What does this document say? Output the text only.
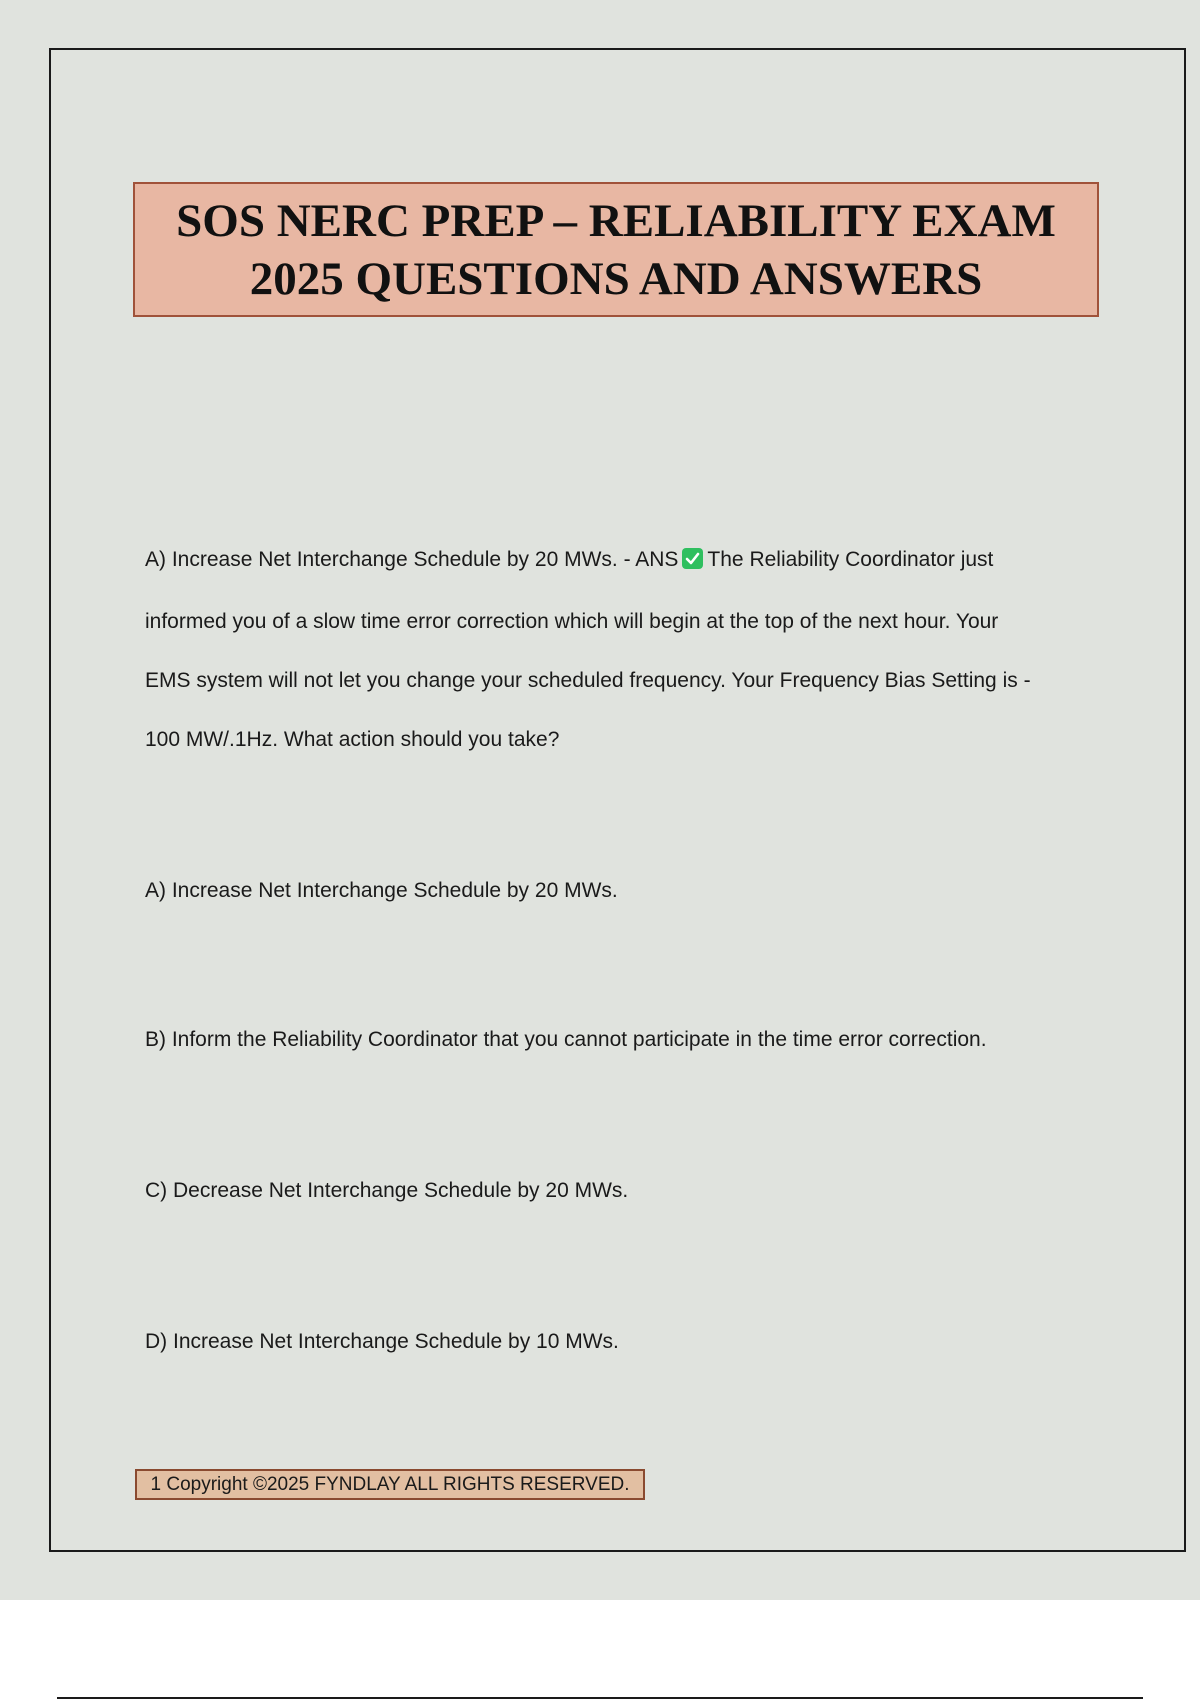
SOS NERC PREP – RELIABILITY EXAM
2025 QUESTIONS AND ANSWERS
A) Increase Net Interchange Schedule by 20 MWs. - ANS The Reliability Coordinator just
informed you of a slow time error correction which will begin at the top of the next hour. Your
EMS system will not let you change your scheduled frequency. Your Frequency Bias Setting is -
100 MW/.1Hz. What action should you take?
A) Increase Net Interchange Schedule by 20 MWs.
B) Inform the Reliability Coordinator that you cannot participate in the time error correction.
C) Decrease Net Interchange Schedule by 20 MWs.
D) Increase Net Interchange Schedule by 10 MWs.
1 Copyright ©2025 FYNDLAY ALL RIGHTS RESERVED.
